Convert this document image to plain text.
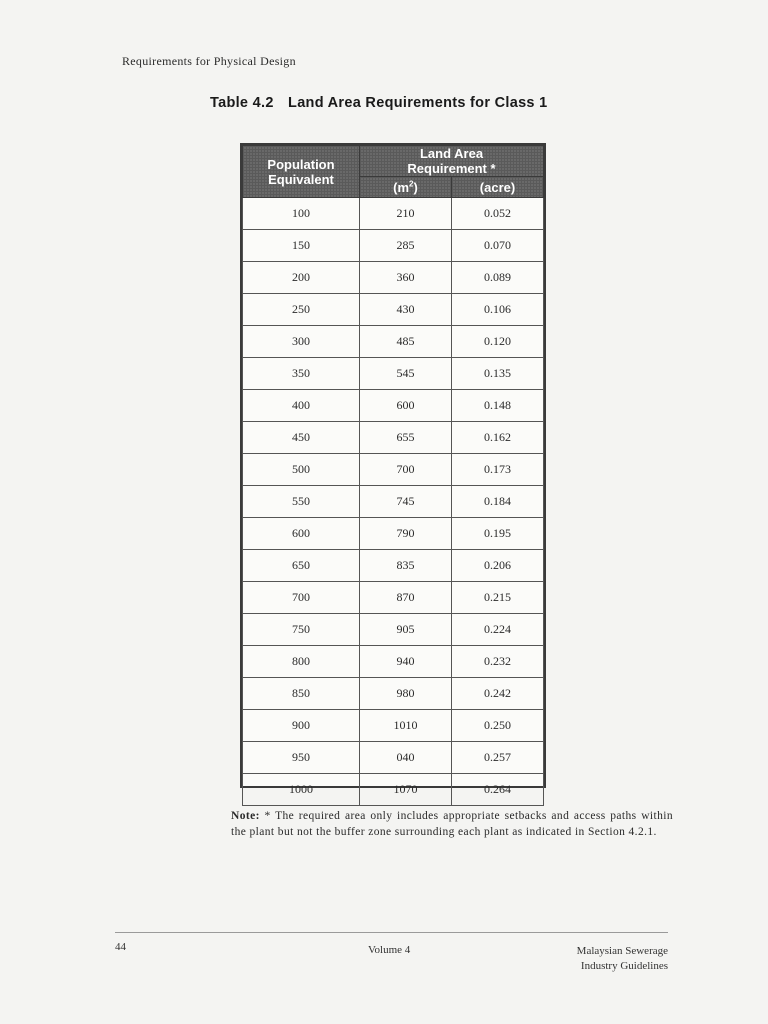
Requirements for Physical Design
Table 4.2 Land Area Requirements for Class 1
Population
Equivalent	Land Area
Requirement *	
	$(m^2)$	(acre)
100	210	0.052
150	285	0.070
200	360	0.089
250	430	0.106
300	485	0.120
350	545	0.135
400	600	0.148
450	655	0.162
500	700	0.173
550	745	0.184
600	790	0.195
650	835	0.206
700	870	0.215
750	905	0.224
800	940	0.232
850	980	0.242
900	1010	0.250
950	040	0.257
1000	1070	0.264
Note: * The required area only includes appropriate setbacks and access paths within the plant but not the buffer zone surrounding each plant as indicated in Section 4.2.1.
44	Volume 4	Malaysian Sewerage
Industry Guidelines
